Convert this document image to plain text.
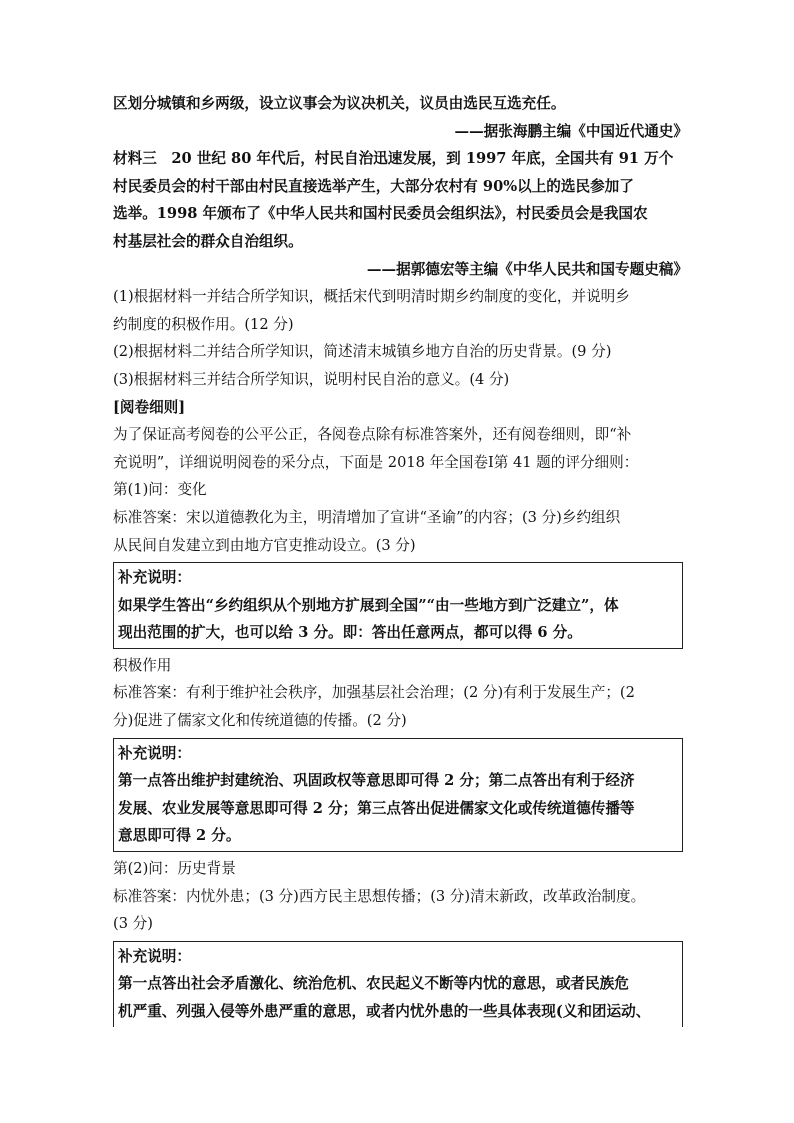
区划分城镇和乡两级，设立议事会为议决机关，议员由选民互选充任。
——据张海鹏主编《中国近代通史》
材料三　20 世纪 80 年代后，村民自治迅速发展，到 1997 年底，全国共有 91 万个
村民委员会的村干部由村民直接选举产生，大部分农村有 90%以上的选民参加了
选举。1998 年颁布了《中华人民共和国村民委员会组织法》，村民委员会是我国农
村基层社会的群众自治组织。
——据郭德宏等主编《中华人民共和国专题史稿》
(1)根据材料一并结合所学知识，概括宋代到明清时期乡约制度的变化，并说明乡
约制度的积极作用。(12 分)
(2)根据材料二并结合所学知识，简述清末城镇乡地方自治的历史背景。(9 分)
(3)根据材料三并结合所学知识，说明村民自治的意义。(4 分)
[阅卷细则]
为了保证高考阅卷的公平公正，各阅卷点除有标准答案外，还有阅卷细则，即“补
充说明”，详细说明阅卷的采分点，下面是 2018 年全国卷Ⅰ第 41 题的评分细则：
第(1)问：变化
标准答案：宋以道德教化为主，明清增加了宣讲“圣谕”的内容；(3 分)乡约组织
从民间自发建立到由地方官吏推动设立。(3 分)
补充说明：
如果学生答出“乡约组织从个别地方扩展到全国”“由一些地方到广泛建立”，体
现出范围的扩大，也可以给 3 分。即：答出任意两点，都可以得 6 分。
积极作用
标准答案：有利于维护社会秩序，加强基层社会治理；(2 分)有利于发展生产；(2
分)促进了儒家文化和传统道德的传播。(2 分)
补充说明：
第一点答出维护封建统治、巩固政权等意思即可得 2 分；第二点答出有利于经济
发展、农业发展等意思即可得 2 分；第三点答出促进儒家文化或传统道德传播等
意思即可得 2 分。
第(2)问：历史背景
标准答案：内忧外患；(3 分)西方民主思想传播；(3 分)清末新政，改革政治制度。
(3 分)
补充说明：
第一点答出社会矛盾激化、统治危机、农民起义不断等内忧的意思，或者民族危
机严重、列强入侵等外患严重的意思，或者内忧外患的一些具体表现(义和团运动、
